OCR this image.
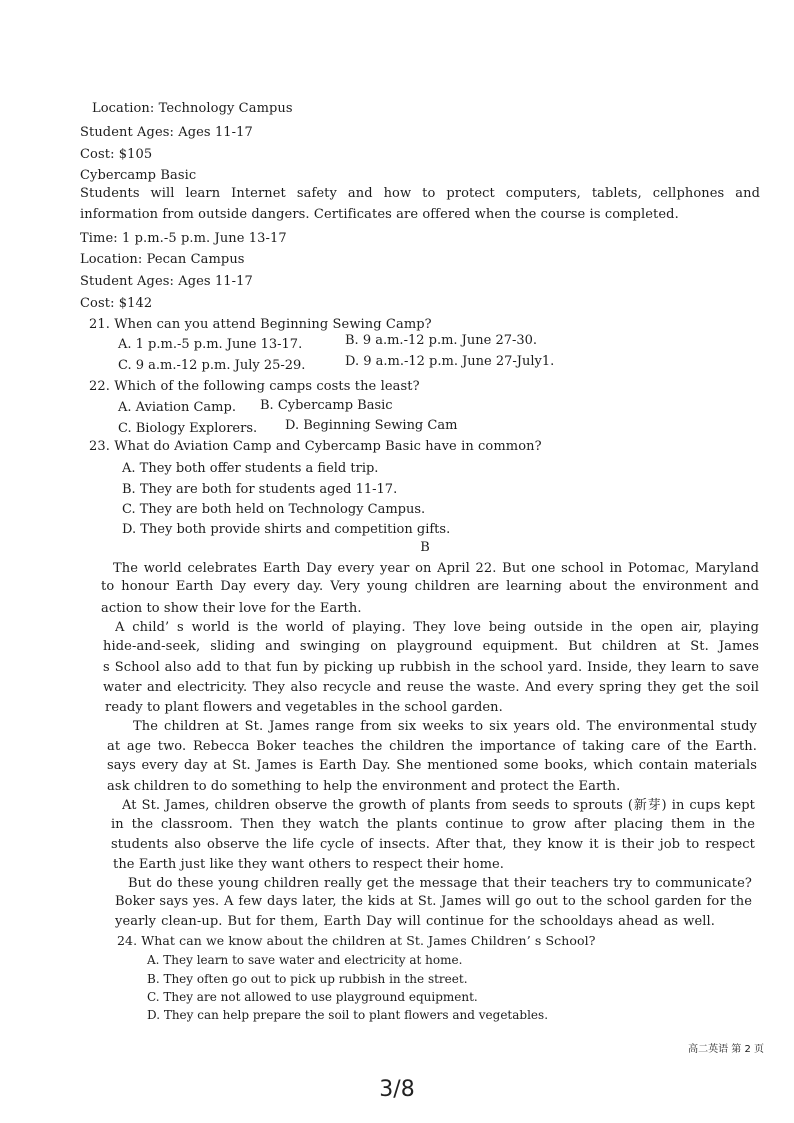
Location: Technology Campus
Student Ages: Ages 11-17
Cost: $105
Cybercamp Basic
Students will learn Internet safety and how to protect computers, tablets, cellphones and
information from outside dangers. Certificates are offered when the course is completed.
Time: 1 p.m.-5 p.m. June 13-17
Location: Pecan Campus
Student Ages: Ages 11-17
Cost: $142
21. When can you attend Beginning Sewing Camp?
A. 1 p.m.-5 p.m. June 13-17.	B. 9 a.m.-12 p.m. June 27-30.
C. 9 a.m.-12 p.m. July 25-29.	D. 9 a.m.-12 p.m. June 27-July1.
22. Which of the following camps costs the least?
A. Aviation Camp. B. Cybercamp Basic
C. Biology Explorers. D. Beginning Sewing Cam
23. What do Aviation Camp and Cybercamp Basic have in common?
A. They both offer students a field trip.
B. They are both for students aged 11-17.
C. They are both held on Technology Campus.
D. They both provide shirts and competition gifts.
B
The world celebrates Earth Day every year on April 22. But one school in Potomac, Maryland
to honour Earth Day every day. Very young children are learning about the environment and
action to show their love for the Earth.
A child’ s world is the world of playing. They love being outside in the open air, playing
hide-and-seek, sliding and swinging on playground equipment. But children at St. James
s School also add to that fun by picking up rubbish in the school yard. Inside, they learn to save
water and electricity. They also recycle and reuse the waste. And every spring they get the soil
ready to plant flowers and vegetables in the school garden.
The children at St. James range from six weeks to six years old. The environmental study
at age two. Rebecca Boker teaches the children the importance of taking care of the Earth.
says every day at St. James is Earth Day. She mentioned some books, which contain materials
ask children to do something to help the environment and protect the Earth.
At St. James, children observe the growth of plants from seeds to sprouts (新芽) in cups kept
in the classroom. Then they watch the plants continue to grow after placing them in the
students also observe the life cycle of insects. After that, they know it is their job to respect
the Earth just like they want others to respect their home.
But do these young children really get the message that their teachers try to communicate?
Boker says yes. A few days later, the kids at St. James will go out to the school garden for the
yearly clean-up. But for them, Earth Day will continue for the schooldays ahead as well.
24. What can we know about the children at St. James Children’ s School?
A. They learn to save water and electricity at home.
B. They often go out to pick up rubbish in the street.
C. They are not allowed to use playground equipment.
D. They can help prepare the soil to plant flowers and vegetables.
高二英语 第 2 页
3/8
